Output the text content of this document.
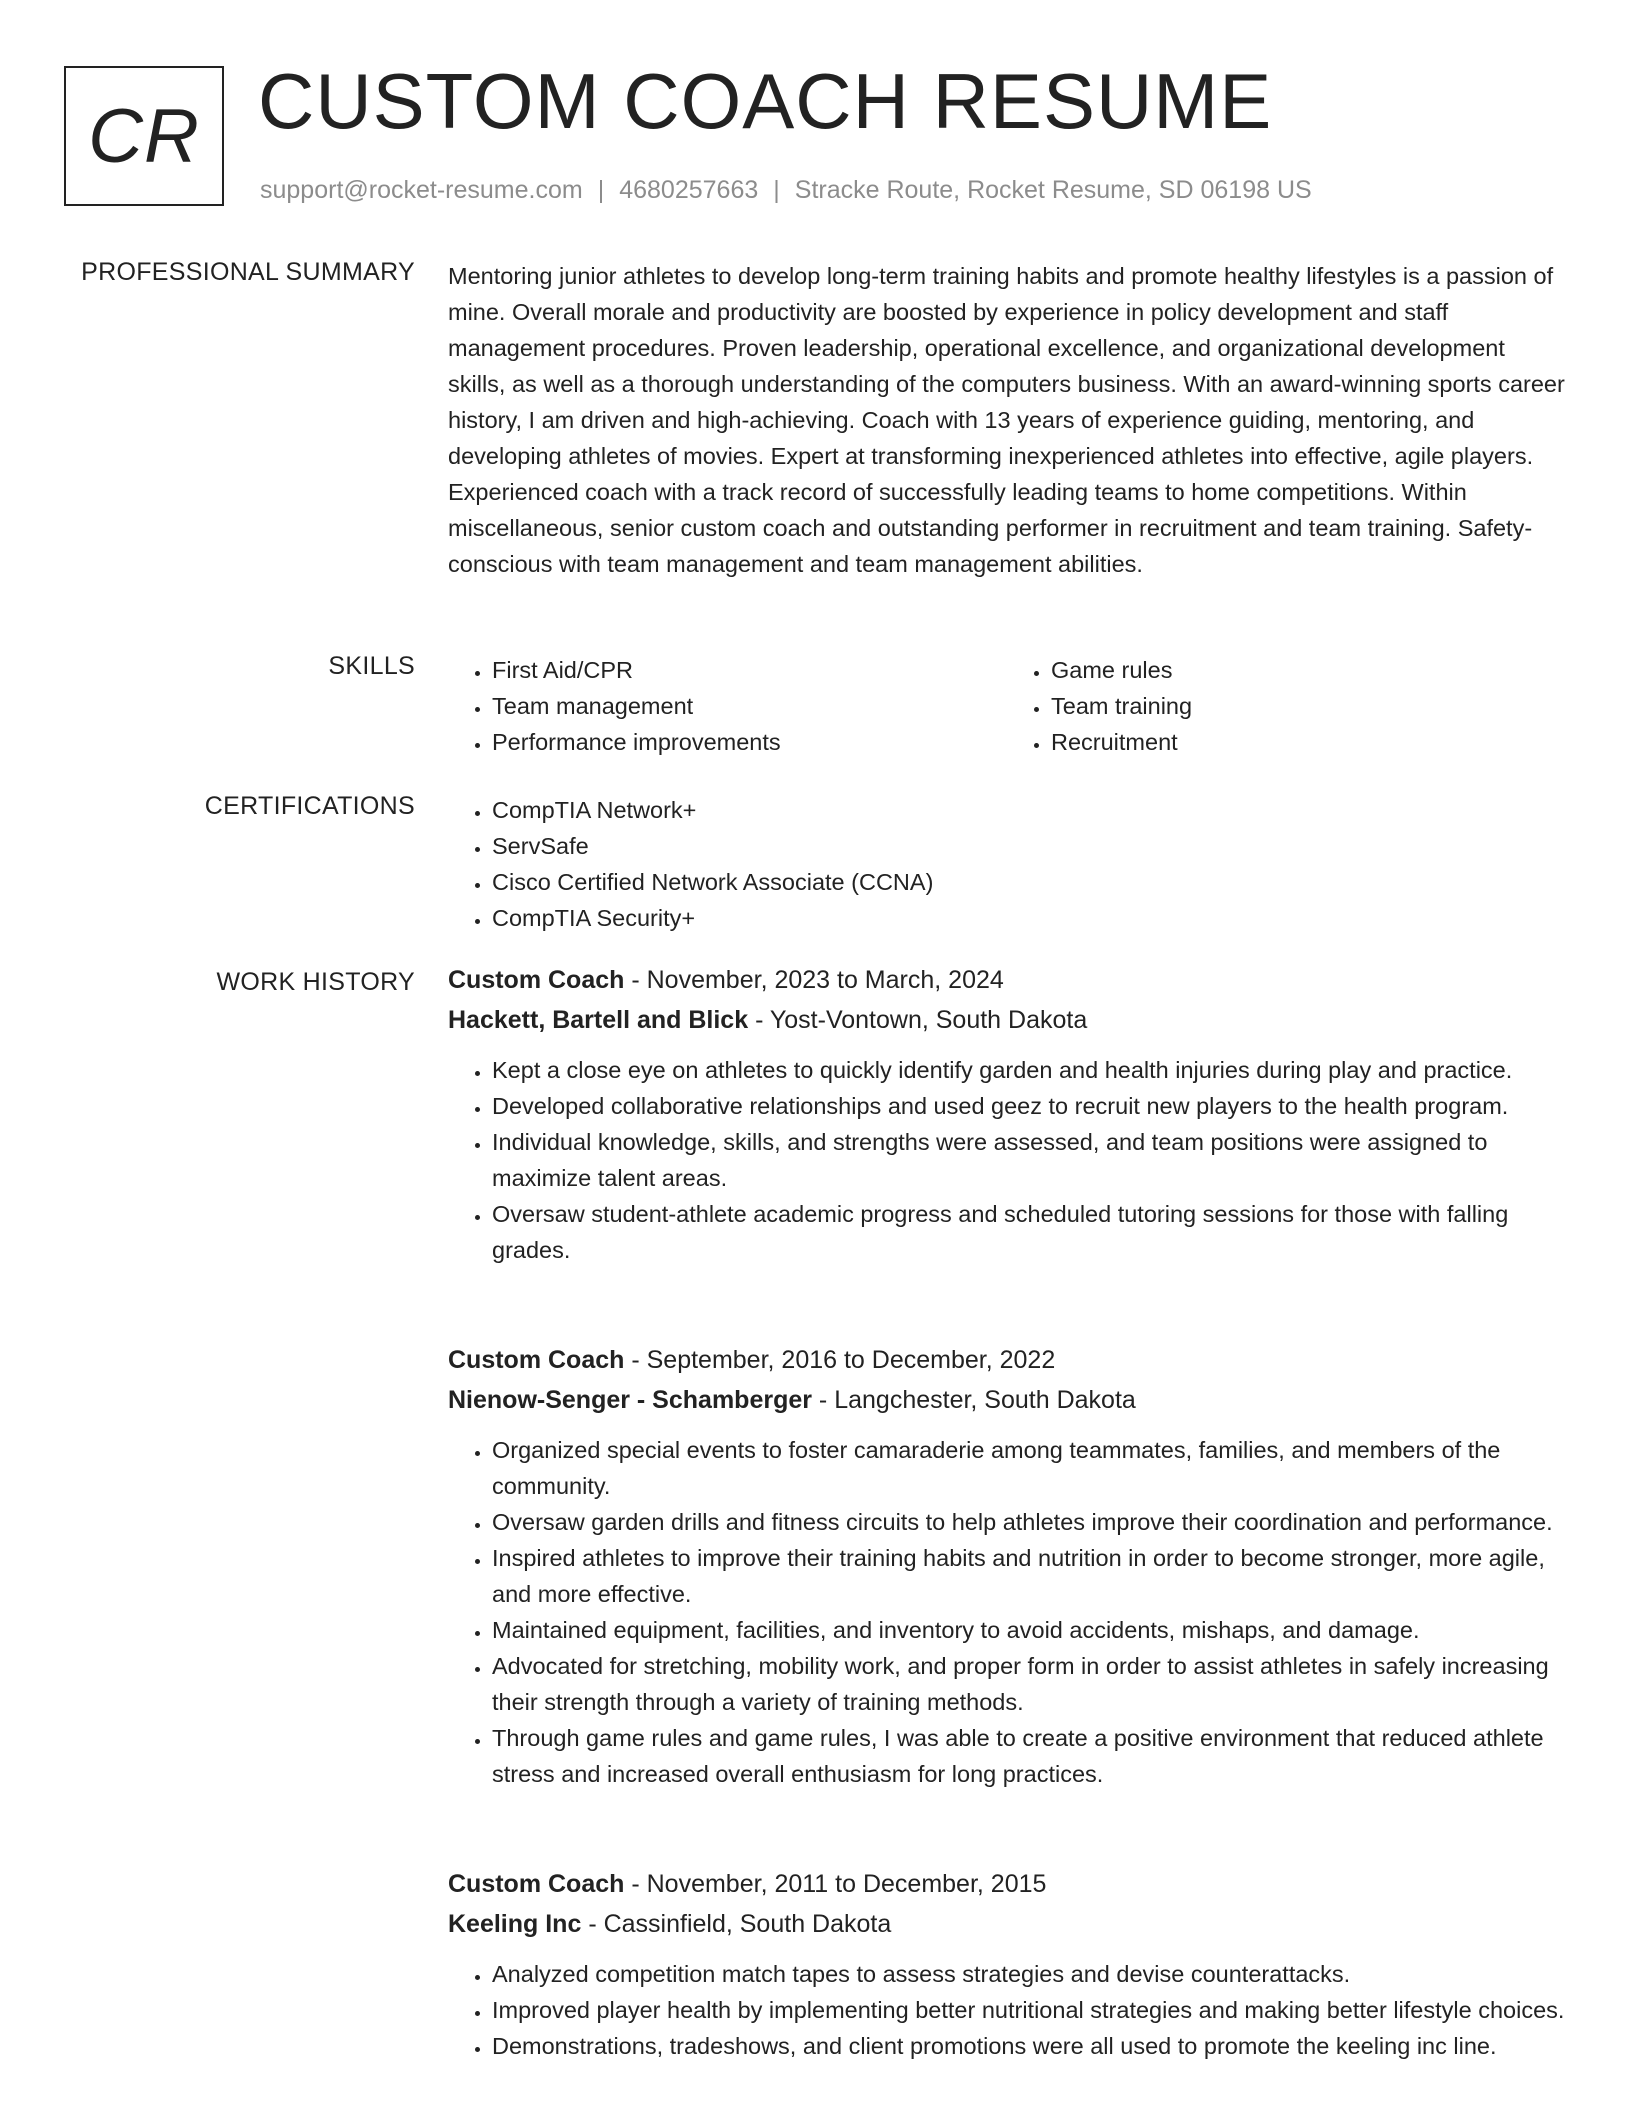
CR CUSTOM COACH RESUME
support@rocket-resume.com | 4680257663 | Stracke Route, Rocket Resume, SD 06198 US
PROFESSIONAL SUMMARY Mentoring junior athletes to develop long-term training habits and promote healthy lifestyles is a passion of mine. Overall morale and productivity are boosted by experience in policy development and staff management procedures. Proven leadership, operational excellence, and organizational development skills, as well as a thorough understanding of the computers business. With an award-winning sports career history, I am driven and high-achieving. Coach with 13 years of experience guiding, mentoring, and developing athletes of movies. Expert at transforming inexperienced athletes into effective, agile players. Experienced coach with a track record of successfully leading teams to home competitions. Within miscellaneous, senior custom coach and outstanding performer in recruitment and team training. Safety-conscious with team management and team management abilities.

SKILLS	• First Aid/CPR
• Team management
• Performance improvements
• Game rules
• Team training
• Recruitment
CERTIFICATIONS	• CompTIA Network+
• ServSafe
• Cisco Certified Network Associate (CCNA)
• CompTIA Security+
WORK HISTORY Custom Coach - November, 2023 to March, 2024
Hackett, Bartell and Blick - Yost-Vontown, South Dakota
• Kept a close eye on athletes to quickly identify garden and health injuries during play and practice.
• Developed collaborative relationships and used geez to recruit new players to the health program.
• Individual knowledge, skills, and strengths were assessed, and team positions were assigned to maximize talent areas.
• Oversaw student-athlete academic progress and scheduled tutoring sessions for those with falling grades.
Custom Coach - September, 2016 to December, 2022
Nienow-Senger - Schamberger - Langchester, South Dakota
• Organized special events to foster camaraderie among teammates, families, and members of the community.
• Oversaw garden drills and fitness circuits to help athletes improve their coordination and performance.
• Inspired athletes to improve their training habits and nutrition in order to become stronger, more agile, and more effective.
• Maintained equipment, facilities, and inventory to avoid accidents, mishaps, and damage.
• Advocated for stretching, mobility work, and proper form in order to assist athletes in safely increasing their strength through a variety of training methods.
• Through game rules and game rules, I was able to create a positive environment that reduced athlete stress and increased overall enthusiasm for long practices.
Custom Coach - November, 2011 to December, 2015
Keeling Inc - Cassinfield, South Dakota
• Analyzed competition match tapes to assess strategies and devise counterattacks.
• Improved player health by implementing better nutritional strategies and making better lifestyle choices.
• Demonstrations, tradeshows, and client promotions were all used to promote the keeling inc line.
